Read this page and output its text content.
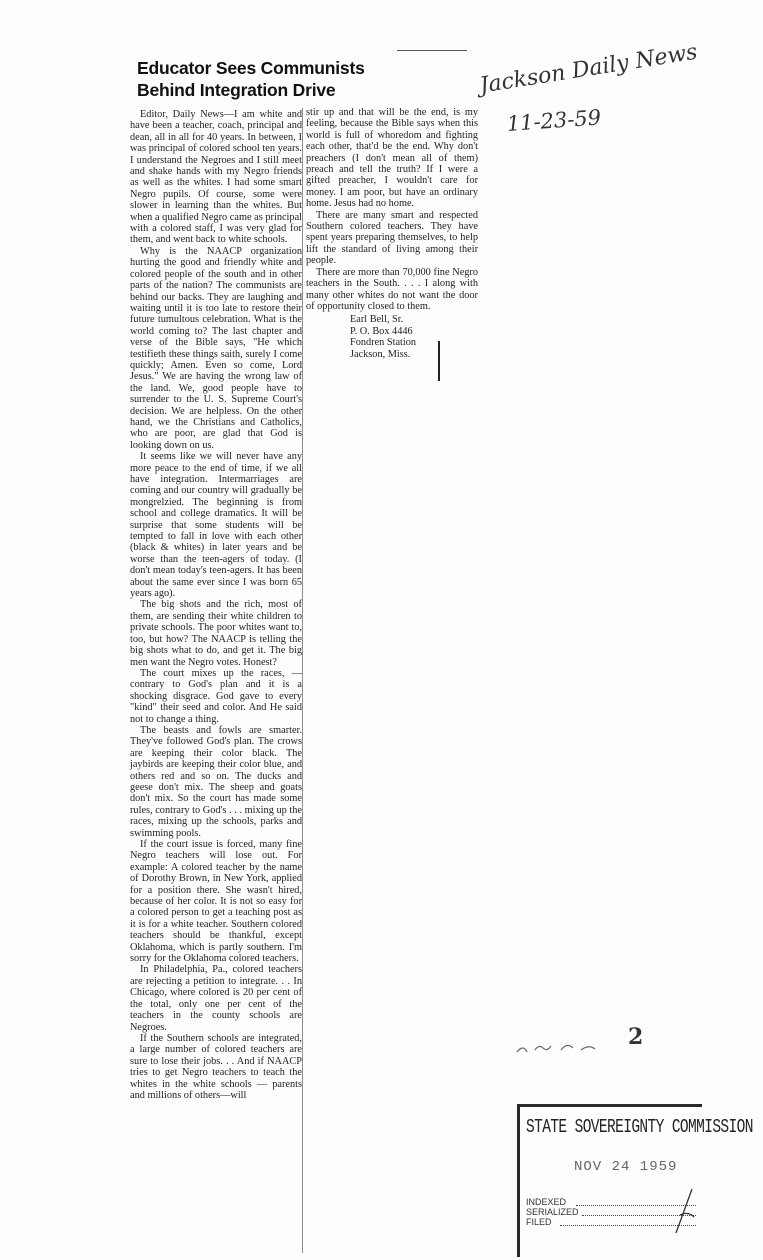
Educator Sees Communists
Behind Integration Drive

Editor, Daily News—I am white and have been a teacher, coach, principal and dean, all in all for 40 years. In between, I was principal of colored school ten years. I understand the Negroes and I still meet and shake hands with my Negro friends as well as the whites. I had some smart Negro pupils. Of course, some were slower in learning than the whites. But when a qualified Negro came as principal with a colored staff, I was very glad for them, and went back to white schools.

Why is the NAACP organization hurting the good and friendly white and colored people of the south and in other parts of the nation? The communists are behind our backs. They are laughing and waiting until it is too late to restore their future tumultous celebration. What is the world coming to? The last chapter and verse of the Bible says, "He which testifieth these things saith, surely I come quickly; Amen. Even so come, Lord Jesus." We are having the wrong law of the land. We, good people have to surrender to the U. S. Supreme Court's decision. We are helpless. On the other hand, we the Christians and Catholics, who are poor, are glad that God is looking down on us.

It seems like we will never have any more peace to the end of time, if we all have integration. Intermarriages are coming and our country will gradually be mongrelzied. The beginning is from school and college dramatics. It will be surprise that some students will be tempted to fall in love with each other (black & whites) in later years and be worse than the teen-agers of today. (I don't mean today's teen-agers. It has been about the same ever since I was born 65 years ago).

The big shots and the rich, most of them, are sending their white children to private schools. The poor whites want to, too, but how? The NAACP is telling the big shots what to do, and get it. The big men want the Negro votes. Honest?

The court mixes up the races, —contrary to God's plan and it is a shocking disgrace. God gave to every "kind" their seed and color. And He said not to change a thing.

The beasts and fowls are smarter. They've followed God's plan. The crows are keeping their color black. The jaybirds are keeping their color blue, and others red and so on. The ducks and geese don't mix. The sheep and goats don't mix. So the court has made some rules, contrary to God's . . . mixing up the races, mixing up the schools, parks and swimming pools.

If the court issue is forced, many fine Negro teachers will lose out. For example: A colored teacher by the name of Dorothy Brown, in New York, applied for a position there. She wasn't hired, because of her color. It is not so easy for a colored person to get a teaching post as it is for a white teacher. Southern colored teachers should be thankful, except Oklahoma, which is partly southern. I'm sorry for the Oklahoma colored teachers.

In Philadelphia, Pa., colored teachers are rejecting a petition to integrate. . . In Chicago, where colored is 20 per cent of the total, only one per cent of the teachers in the county schools are Negroes.

If the Southern schools are integrated, a large number of colored teachers are sure to lose their jobs. . . And if NAACP tries to get Negro teachers to teach the whites in the white schools — parents and millions of others—will

stir up and that will be the end, is my feeling, because the Bible says when this world is full of whoredom and fighting each other, that'd be the end. Why don't preachers (I don't mean all of them) preach and tell the truth? If I were a gifted preacher, I wouldn't care for money. I am poor, but have an ordinary home. Jesus had no home.

There are many smart and respected Southern colored teachers. They have spent years preparing themselves, to help lift the standard of living among their people.

There are more than 70,000 fine Negro teachers in the South. . . . I along with many other whites do not want the door of opportunity closed to them.

Earl Bell, Sr.
P. O. Box 4446
Fondren Station
Jackson, Miss.
Jackson Daily News
11-23-59
2
STATE SOVEREIGNTY COMMISSION
NOV 24 1959
INDEXED
SERIALIZED
FILED
